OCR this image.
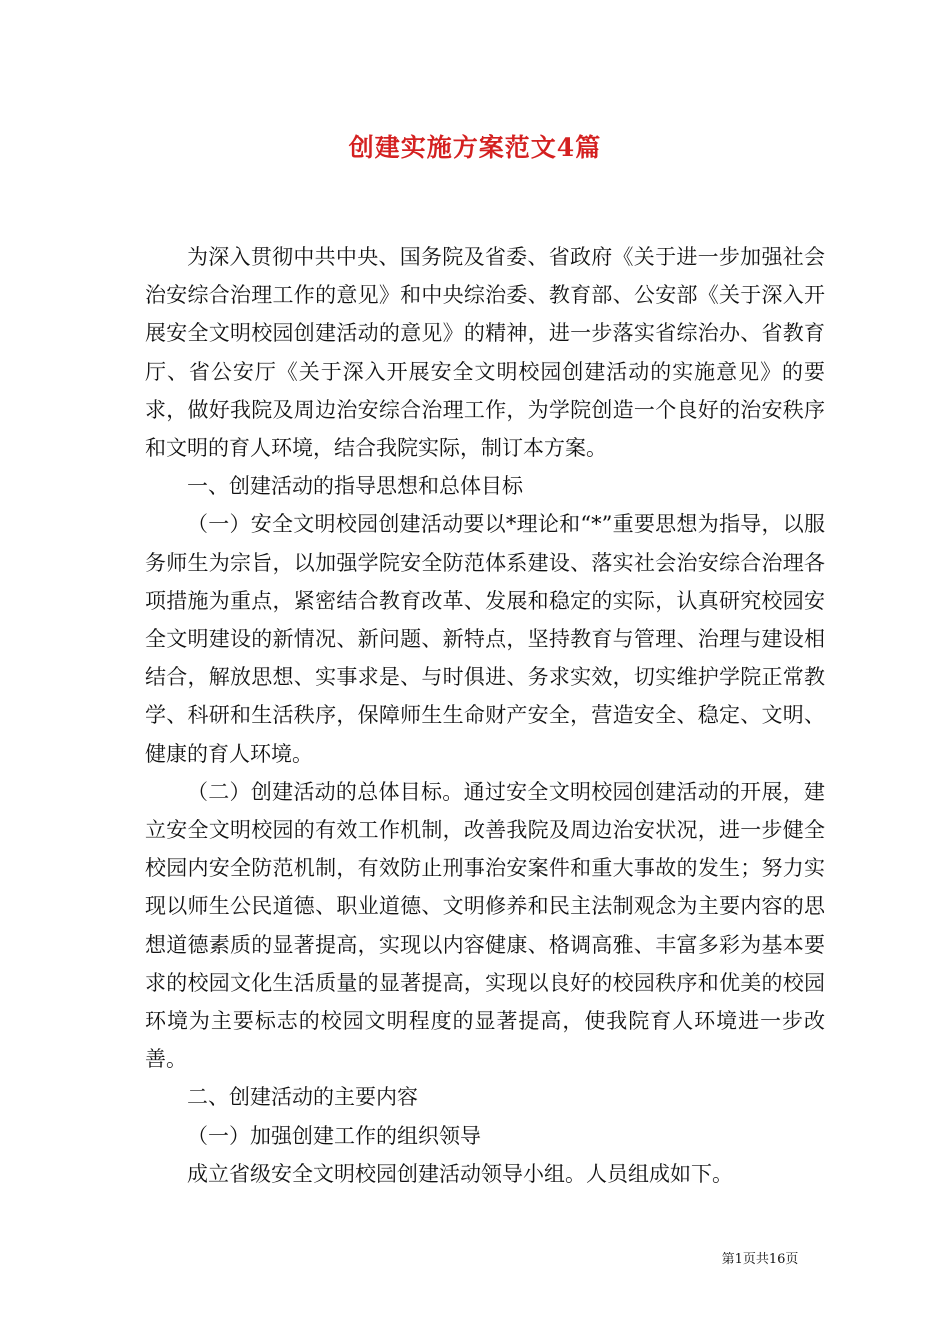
创建实施方案范文4篇

为深入贯彻中共中央、国务院及省委、省政府《关于进一步加强社会治安综合治理工作的意见》和中央综治委、教育部、公安部《关于深入开展安全文明校园创建活动的意见》的精神，进一步落实省综治办、省教育厅、省公安厅《关于深入开展安全文明校园创建活动的实施意见》的要求，做好我院及周边治安综合治理工作，为学院创造一个良好的治安秩序和文明的育人环境，结合我院实际，制订本方案。

一、创建活动的指导思想和总体目标

（一）安全文明校园创建活动要以*理论和“*”重要思想为指导，以服务师生为宗旨，以加强学院安全防范体系建设、落实社会治安综合治理各项措施为重点，紧密结合教育改革、发展和稳定的实际，认真研究校园安全文明建设的新情况、新问题、新特点，坚持教育与管理、治理与建设相结合，解放思想、实事求是、与时俱进、务求实效，切实维护学院正常教学、科研和生活秩序，保障师生生命财产安全，营造安全、稳定、文明、健康的育人环境。

（二）创建活动的总体目标。通过安全文明校园创建活动的开展，建立安全文明校园的有效工作机制，改善我院及周边治安状况，进一步健全校园内安全防范机制，有效防止刑事治安案件和重大事故的发生；努力实现以师生公民道德、职业道德、文明修养和民主法制观念为主要内容的思想道德素质的显著提高，实现以内容健康、格调高雅、丰富多彩为基本要求的校园文化生活质量的显著提高，实现以良好的校园秩序和优美的校园环境为主要标志的校园文明程度的显著提高，使我院育人环境进一步改善。

二、创建活动的主要内容

（一）加强创建工作的组织领导

成立省级安全文明校园创建活动领导小组。人员组成如下。

第1页共16页
